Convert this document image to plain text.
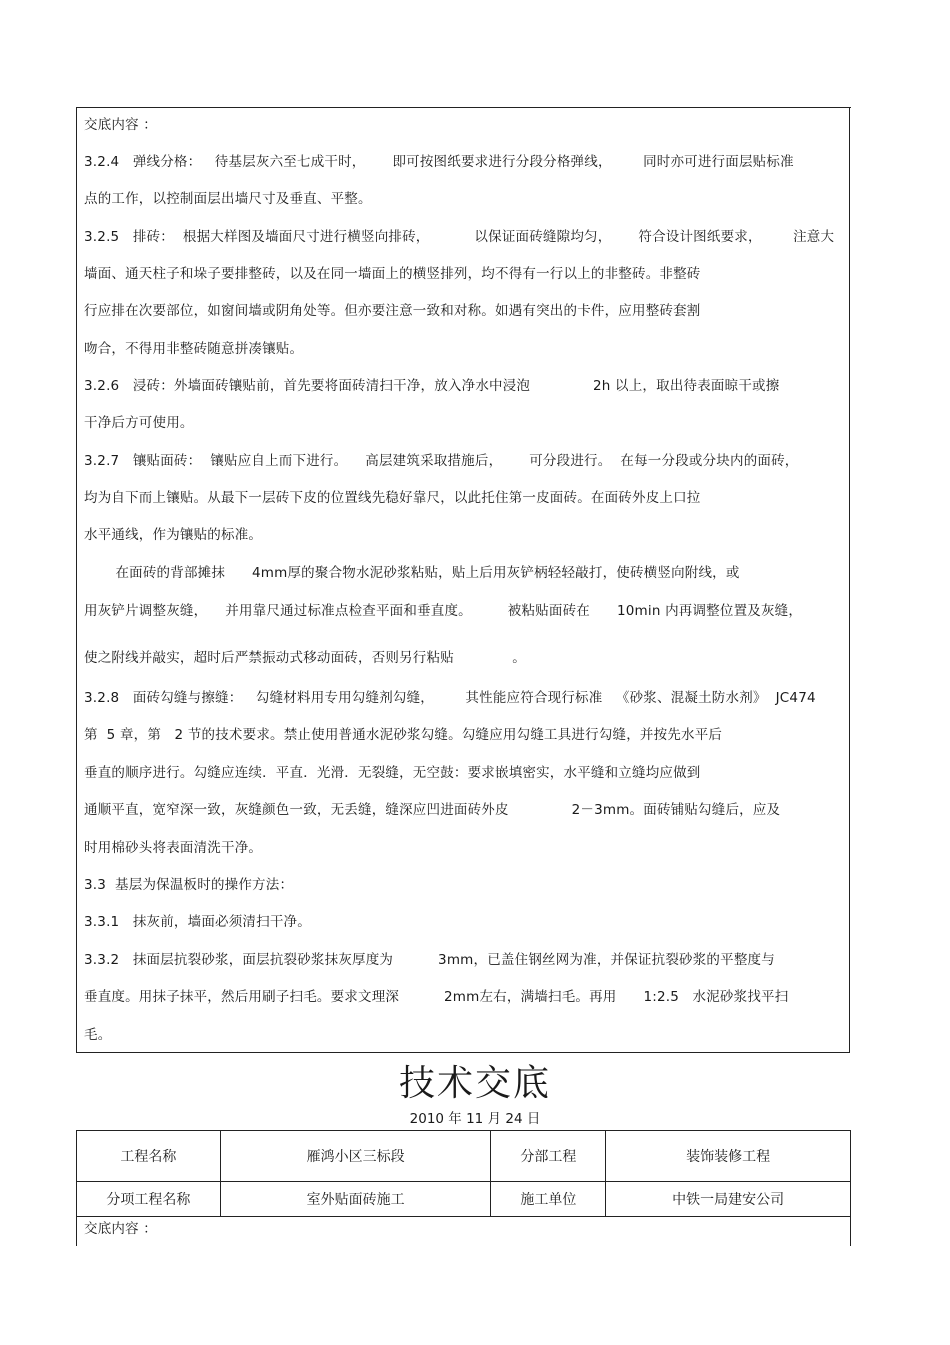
交底内容 ：
3.2.4   弹线分格：   待基层灰六至七成干时，      即可按图纸要求进行分段分格弹线，       同时亦可进行面层贴标准
点的工作，以控制面层出墙尺寸及垂直、平整。
3.2.5   排砖：  根据大样图及墙面尺寸进行横竖向排砖，          以保证面砖缝隙均匀，      符合设计图纸要求，       注意大
墙面、通天柱子和垛子要排整砖，以及在同一墙面上的横竖排列，均不得有一行以上的非整砖。非整砖
行应排在次要部位，如窗间墙或阴角处等。但亦要注意一致和对称。如遇有突出的卡件，应用整砖套割
吻合，不得用非整砖随意拼凑镶贴。
3.2.6   浸砖：外墙面砖镶贴前，首先要将面砖清扫干净，放入净水中浸泡              2h 以上，取出待表面晾干或擦
干净后方可使用。
3.2.7   镶贴面砖：  镶贴应自上而下进行。    高层建筑采取措施后，      可分段进行。  在每一分段或分块内的面砖，
均为自下而上镶贴。从最下一层砖下皮的位置线先稳好靠尺，以此托住第一皮面砖。在面砖外皮上口拉
水平通线，作为镶贴的标准。
在面砖的背部摊抹      4mm厚的聚合物水泥砂浆粘贴，贴上后用灰铲柄轻轻敲打，使砖横竖向附线，或
用灰铲片调整灰缝，    并用靠尺通过标准点检查平面和垂直度。        被粘贴面砖在      10min 内再调整位置及灰缝，
使之附线并敲实，超时后严禁振动式移动面砖，否则另行粘贴             。
3.2.8   面砖勾缝与擦缝：   勾缝材料用专用勾缝剂勾缝，       其性能应符合现行标准   《砂浆、混凝土防水剂》  JC474
第  5 章，第   2 节的技术要求。禁止使用普通水泥砂浆勾缝。勾缝应用勾缝工具进行勾缝，并按先水平后
垂直的顺序进行。勾缝应连续．平直．光滑．无裂缝，无空鼓：要求嵌填密实，水平缝和立缝均应做到
通顺平直，宽窄深一致，灰缝颜色一致，无丢缝，缝深应凹进面砖外皮              2－3mm。面砖铺贴勾缝后，应及
时用棉砂头将表面清洗干净。
3.3  基层为保温板时的操作方法：
3.3.1   抹灰前，墙面必须清扫干净。
3.3.2   抹面层抗裂砂浆，面层抗裂砂浆抹灰厚度为          3mm，已盖住钢丝网为准，并保证抗裂砂浆的平整度与
垂直度。用抹子抹平，然后用刷子扫毛。要求文理深          2mm左右，满墙扫毛。再用      1:2.5   水泥砂浆找平扫
毛。
技术交底
2010 年 11 月 24 日
工程名称	雁鸿小区三标段	分部工程	装饰装修工程
分项工程名称	室外贴面砖施工	施工单位	中铁一局建安公司
交底内容 ：
